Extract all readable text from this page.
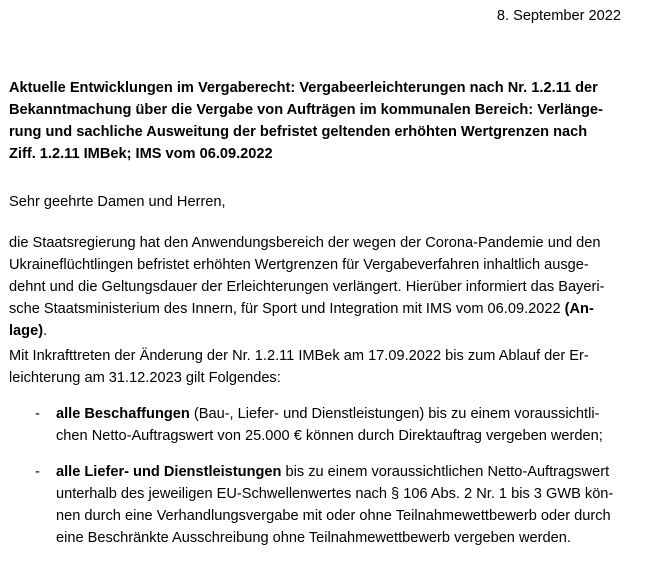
8. September 2022
Aktuelle Entwicklungen im Vergaberecht: Vergabeerleichterungen nach Nr. 1.2.11 der
Bekanntmachung über die Vergabe von Aufträgen im kommunalen Bereich: Verlänge-
rung und sachliche Ausweitung der befristet geltenden erhöhten Wertgrenzen nach
Ziff. 1.2.11 IMBek; IMS vom 06.09.2022
Sehr geehrte Damen und Herren,
die Staatsregierung hat den Anwendungsbereich der wegen der Corona-Pandemie und den
Ukraineflüchtlingen befristet erhöhten Wertgrenzen für Vergabeverfahren inhaltlich ausge-
dehnt und die Geltungsdauer der Erleichterungen verlängert. Hierüber informiert das Bayeri-
sche Staatsministerium des Innern, für Sport und Integration mit IMS vom 06.09.2022 (An-
lage).
Mit Inkrafttreten der Änderung der Nr. 1.2.11 IMBek am 17.09.2022 bis zum Ablauf der Er-
leichterung am 31.12.2023 gilt Folgendes:
- alle Beschaffungen (Bau-, Liefer- und Dienstleistungen) bis zu einem voraussichtli-
chen Netto-Auftragswert von 25.000 € können durch Direktauftrag vergeben werden;
- alle Liefer- und Dienstleistungen bis zu einem voraussichtlichen Netto-Auftragswert
unterhalb des jeweiligen EU-Schwellenwertes nach § 106 Abs. 2 Nr. 1 bis 3 GWB kön-
nen durch eine Verhandlungsvergabe mit oder ohne Teilnahmewettbewerb oder durch
eine Beschränkte Ausschreibung ohne Teilnahmewettbewerb vergeben werden.
